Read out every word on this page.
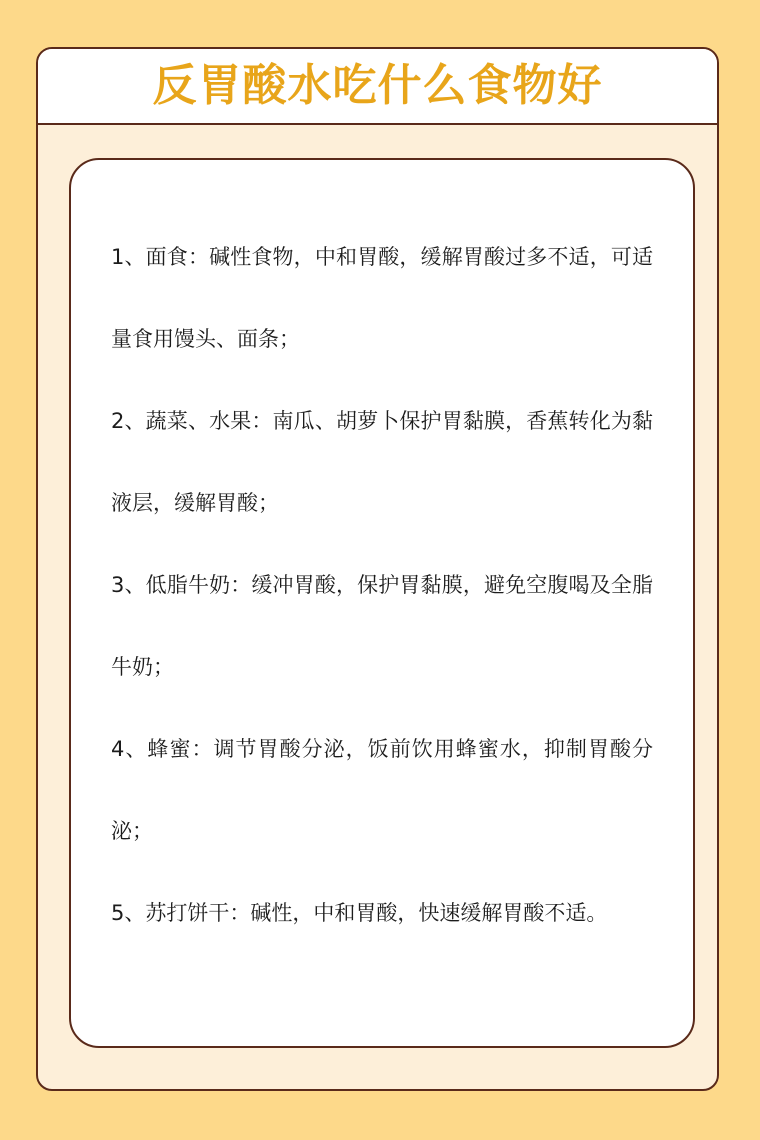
反胃酸水吃什么食物好

1、面食：碱性食物，中和胃酸，缓解胃酸过多不适，可适量食用馒头、面条；

2、蔬菜、水果：南瓜、胡萝卜保护胃黏膜，香蕉转化为黏液层，缓解胃酸；

3、低脂牛奶：缓冲胃酸，保护胃黏膜，避免空腹喝及全脂牛奶；

4、蜂蜜：调节胃酸分泌，饭前饮用蜂蜜水，抑制胃酸分泌；

5、苏打饼干：碱性，中和胃酸，快速缓解胃酸不适。
